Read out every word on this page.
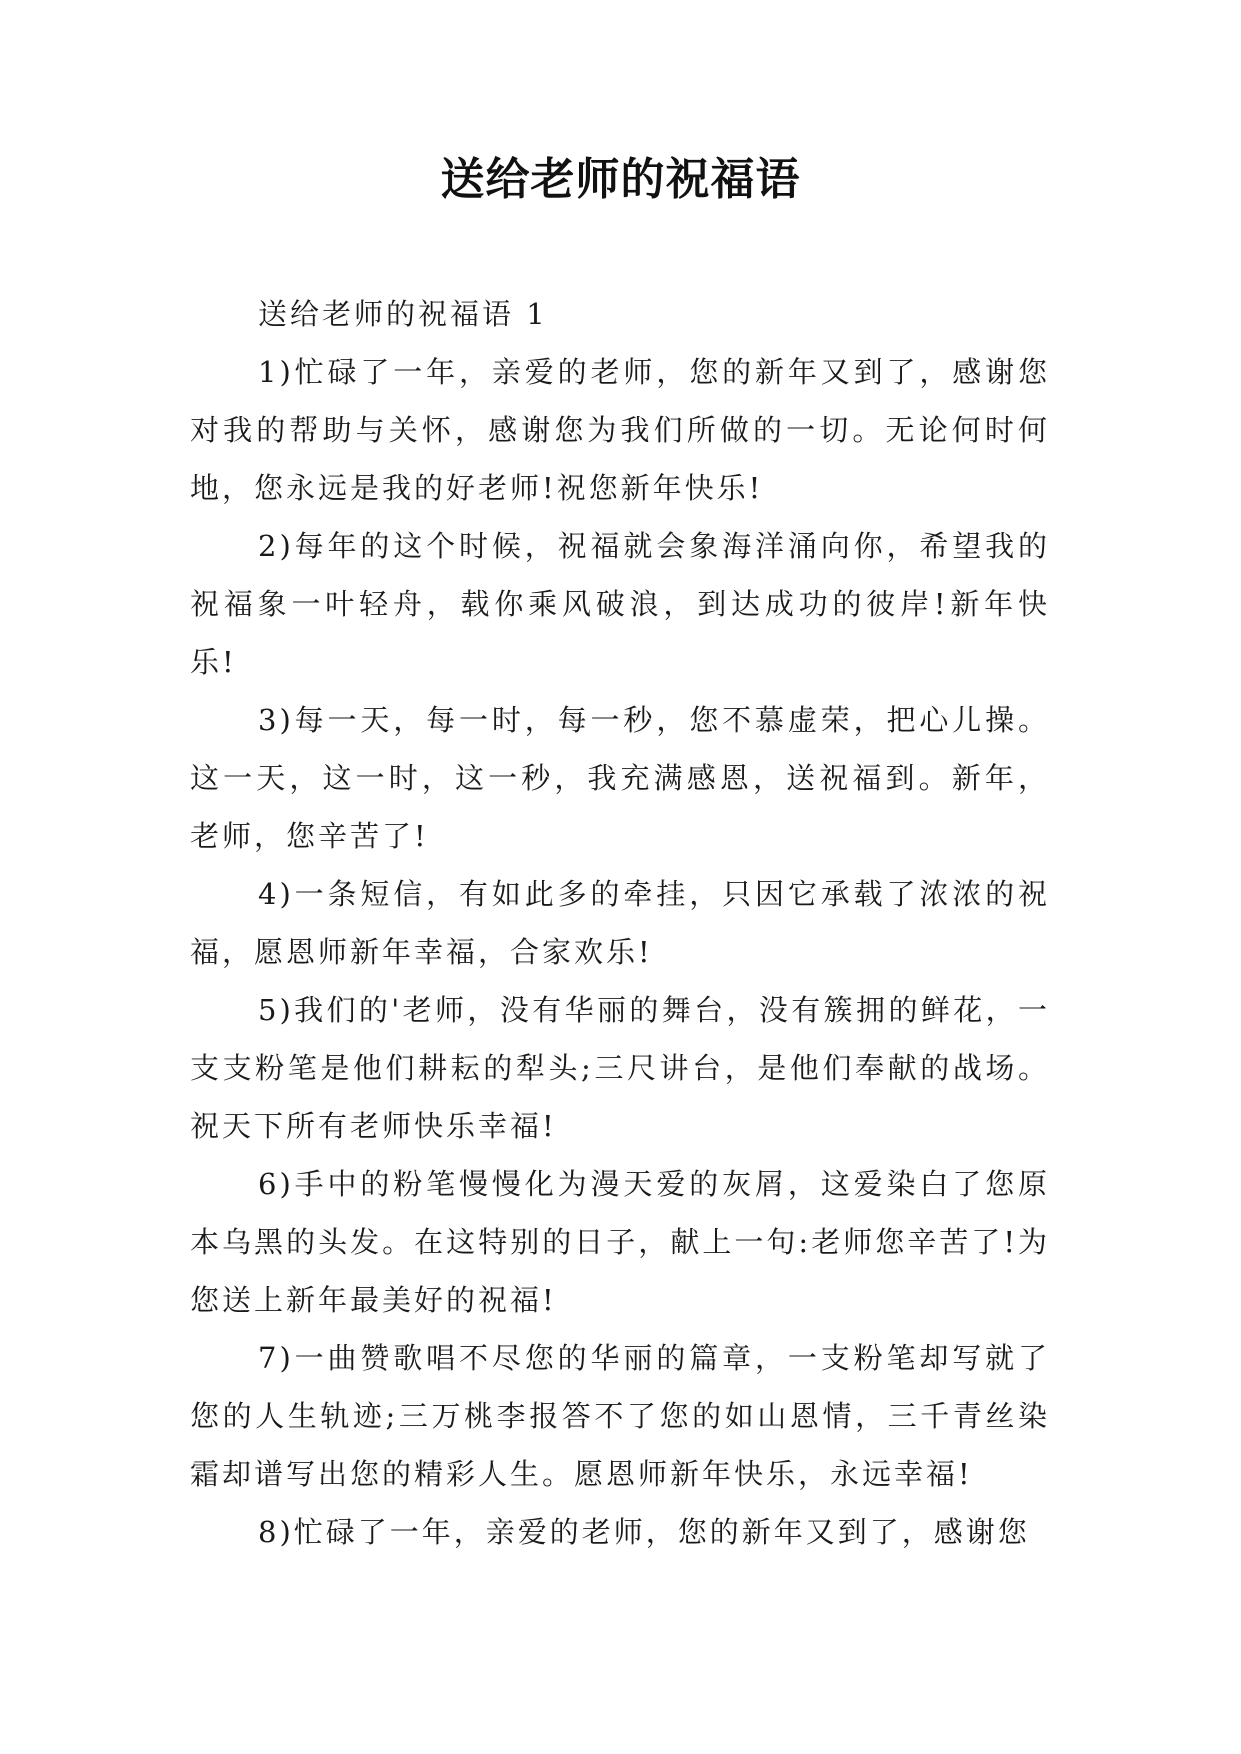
送给老师的祝福语

送给老师的祝福语 1

1)忙碌了一年，亲爱的老师，您的新年又到了，感谢您对我的帮助与关怀，感谢您为我们所做的一切。无论何时何地，您永远是我的好老师!祝您新年快乐!

2)每年的这个时候，祝福就会象海洋涌向你，希望我的祝福象一叶轻舟，载你乘风破浪，到达成功的彼岸!新年快乐!

3)每一天，每一时，每一秒，您不慕虚荣，把心儿操。这一天，这一时，这一秒，我充满感恩，送祝福到。新年，老师，您辛苦了!

4)一条短信，有如此多的牵挂，只因它承载了浓浓的祝福，愿恩师新年幸福，合家欢乐!

5)我们的'老师，没有华丽的舞台，没有簇拥的鲜花，一支支粉笔是他们耕耘的犁头;三尺讲台，是他们奉献的战场。祝天下所有老师快乐幸福!

6)手中的粉笔慢慢化为漫天爱的灰屑，这爱染白了您原本乌黑的头发。在这特别的日子，献上一句:老师您辛苦了!为您送上新年最美好的祝福!

7)一曲赞歌唱不尽您的华丽的篇章，一支粉笔却写就了您的人生轨迹;三万桃李报答不了您的如山恩情，三千青丝染霜却谱写出您的精彩人生。愿恩师新年快乐，永远幸福!

8)忙碌了一年，亲爱的老师，您的新年又到了，感谢您
